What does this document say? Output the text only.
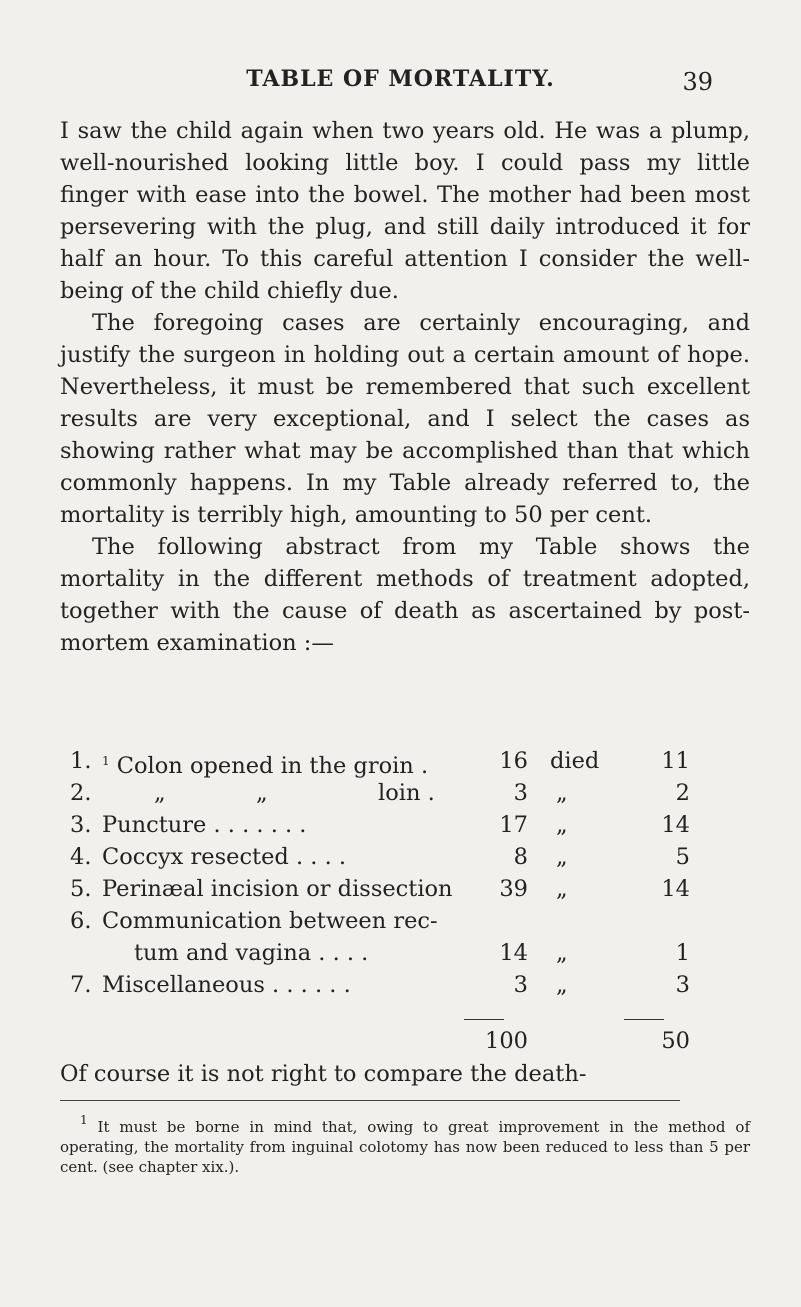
TABLE OF MORTALITY.	39

I saw the child again when two years old. He was a plump, well-nourished looking little boy. I could pass my little finger with ease into the bowel. The mother had been most persevering with the plug, and still daily introduced it for half an hour. To this careful attention I consider the well-being of the child chiefly due.

The foregoing cases are certainly encouraging, and justify the surgeon in holding out a certain amount of hope. Nevertheless, it must be remembered that such excellent results are very exceptional, and I select the cases as showing rather what may be accomplished than that which commonly happens. In my Table already referred to, the mortality is terribly high, amounting to 50 per cent.

The following abstract from my Table shows the mortality in the different methods of treatment adopted, together with the cause of death as ascertained by post-mortem examination :—

1. $^1$ Colon opened in the groin .	16 died	11
2.	„	„	loin .	3 „	2
3. Puncture . . . . . . .	17 „	14
4. Coccyx resected . . . .	8 „	5
5. Perinæal incision or dissection	39 „	14
6. Communication between rec-
tum and vagina . . . .	14 „	1
7. Miscellaneous . . . . . .	3 „	3
100	50
Of course it is not right to compare the death-

$^1$ It must be borne in mind that, owing to great improvement in the method of operating, the mortality from inguinal colotomy has now been reduced to less than 5 per cent. (see chapter xix.).
